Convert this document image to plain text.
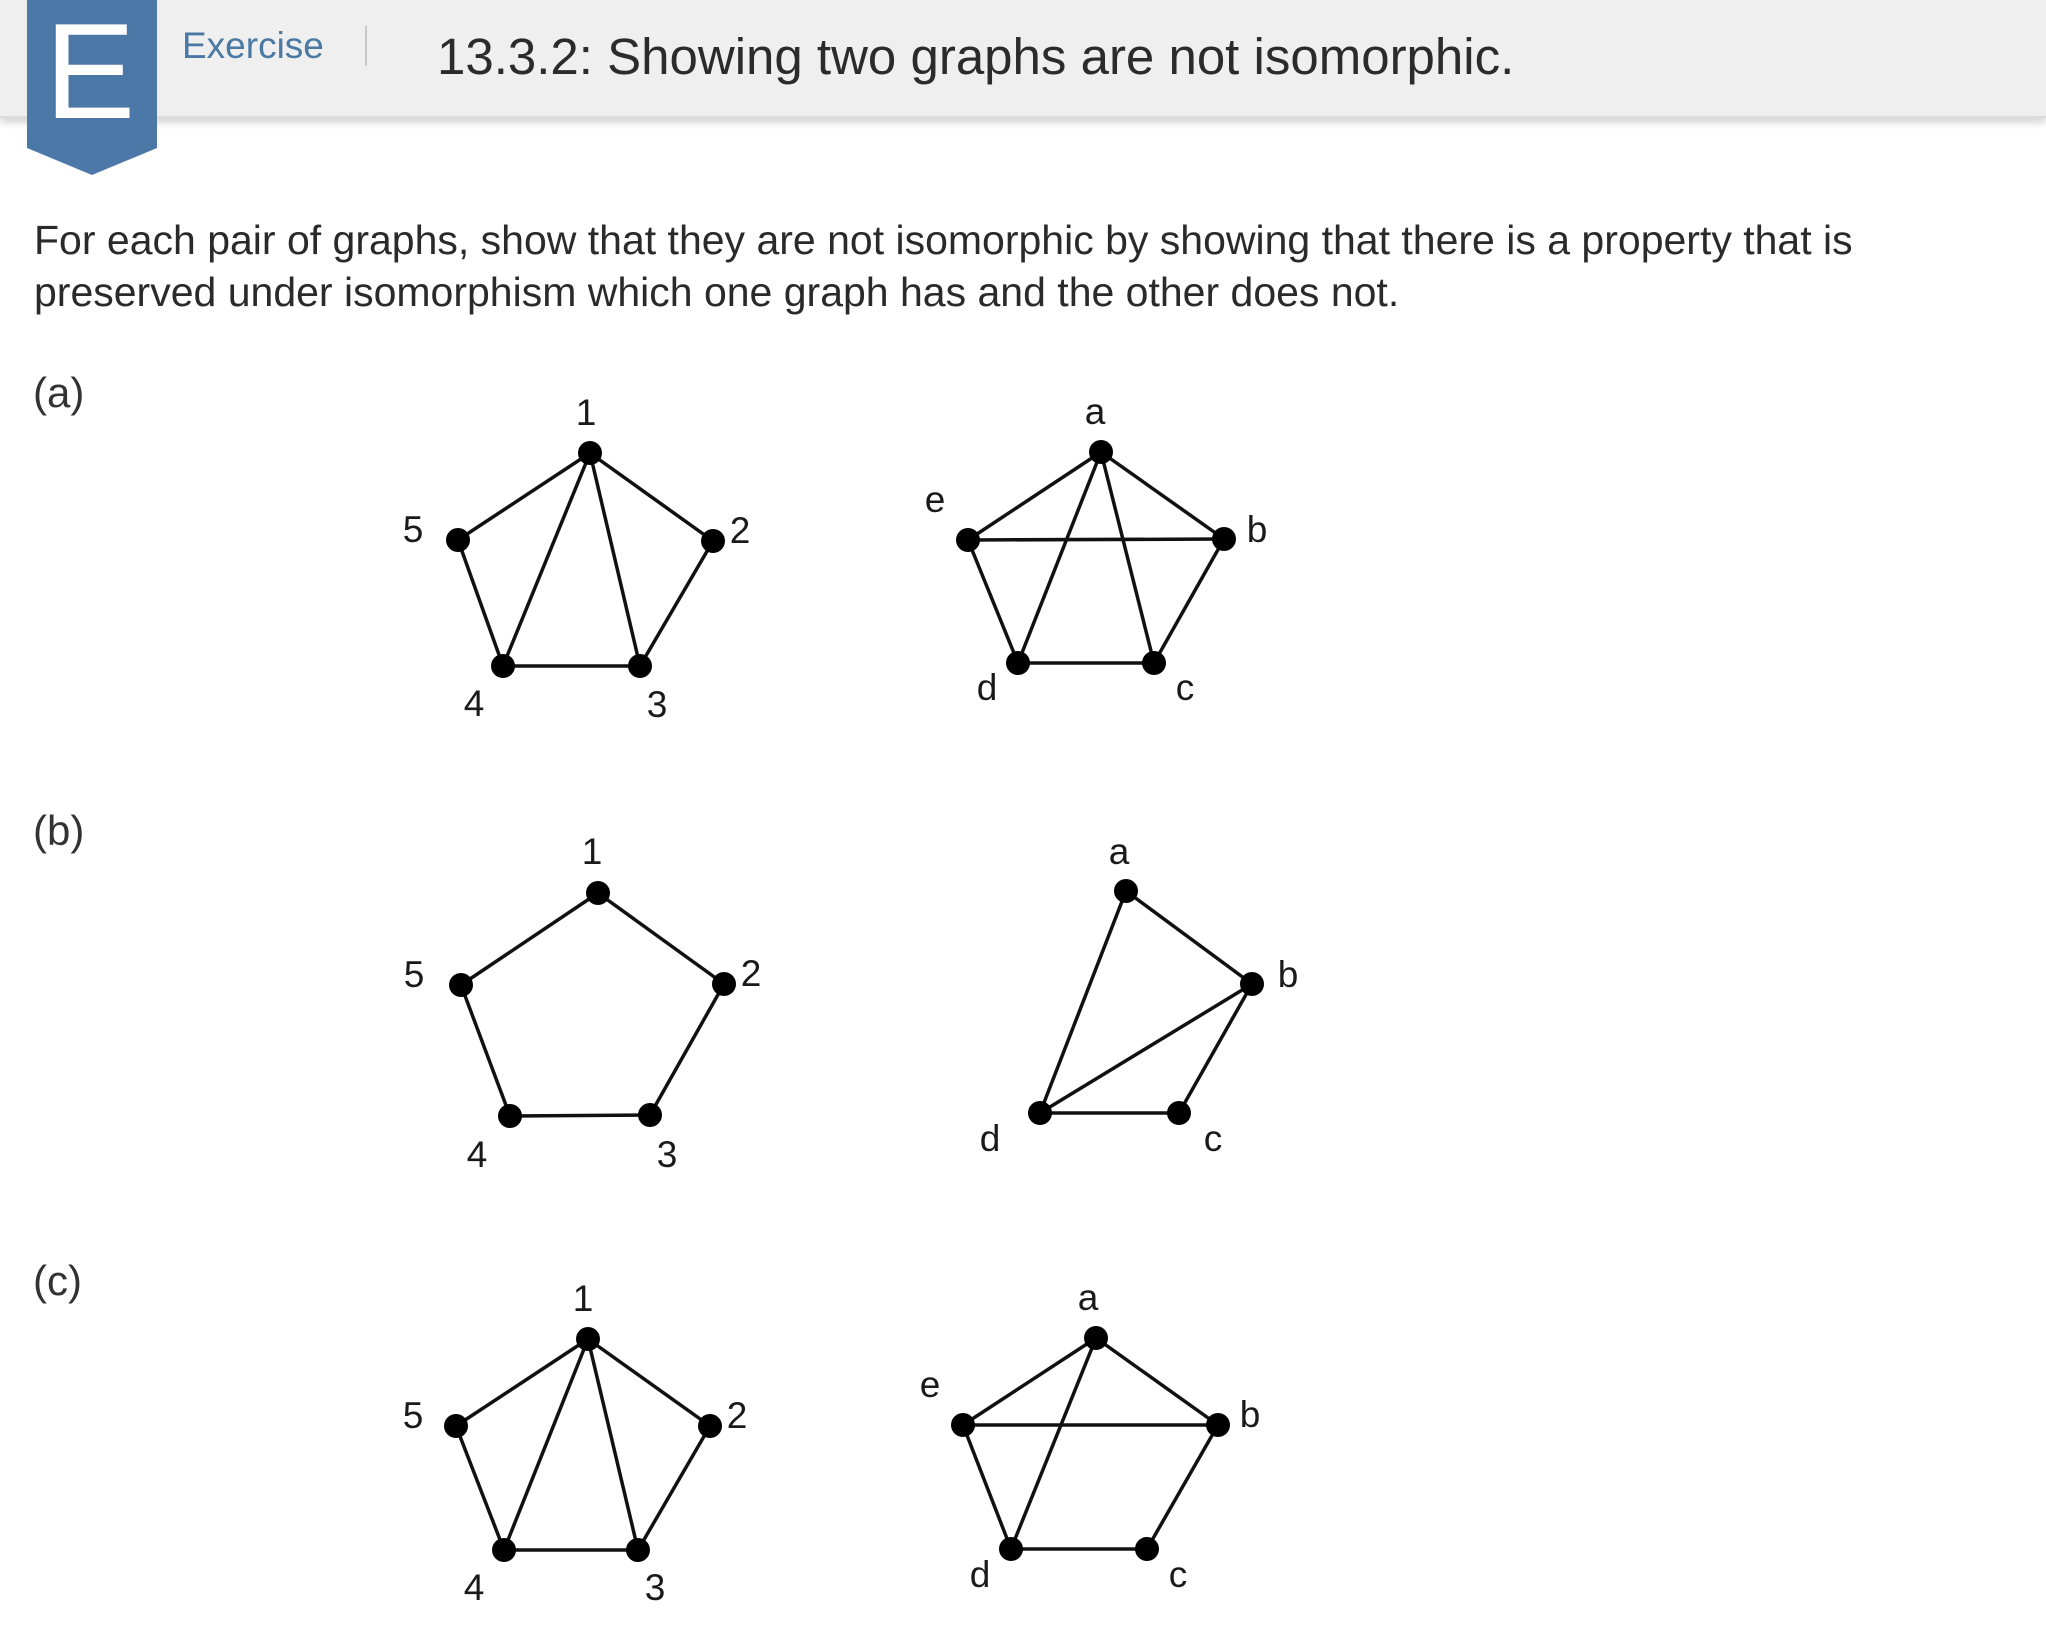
Exercise 13.3.2: Showing two graphs are not isomorphic.
E

For each pair of graphs, show that they are not isomorphic by showing that there is a property that is preserved under isomorphism which one graph has and the other does not.

(a)	1
2
3
4
5
a
b
c
d
e
(b)	1
2
3
4
5
a
b
c
d
(c)	1
2
3
4
5
a
b
c
d
e
